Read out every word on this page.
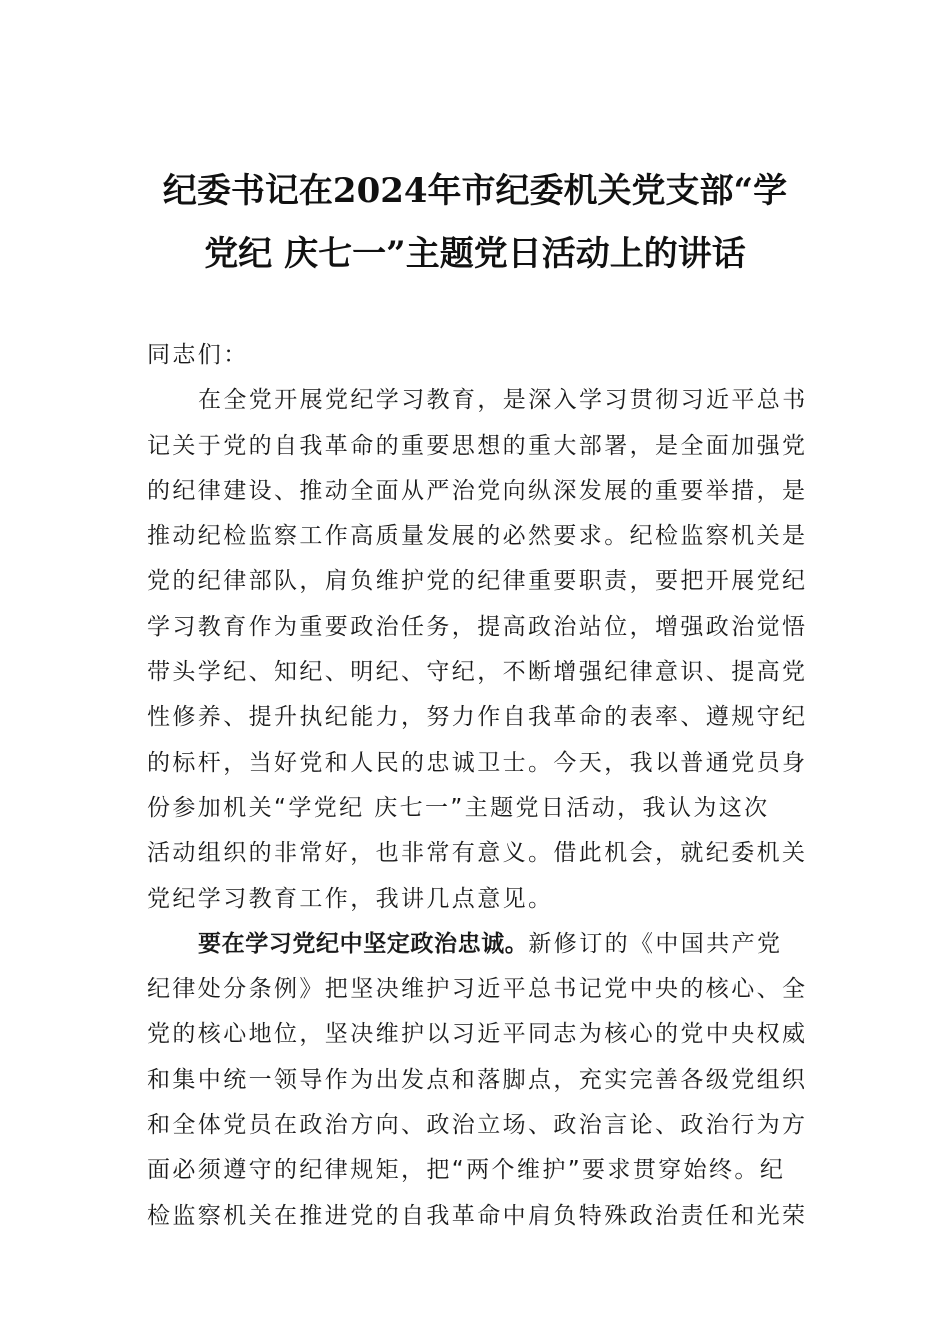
纪委书记在2024年市纪委机关党支部“学
党纪 庆七一”主题党日活动上的讲话

同志们：

在全党开展党纪学习教育，是深入学习贯彻习近平总书
记关于党的自我革命的重要思想的重大部署，是全面加强党
的纪律建设、推动全面从严治党向纵深发展的重要举措，是
推动纪检监察工作高质量发展的必然要求。纪检监察机关是
党的纪律部队，肩负维护党的纪律重要职责，要把开展党纪
学习教育作为重要政治任务，提高政治站位，增强政治觉悟
带头学纪、知纪、明纪、守纪，不断增强纪律意识、提高党
性修养、提升执纪能力，努力作自我革命的表率、遵规守纪
的标杆，当好党和人民的忠诚卫士。今天，我以普通党员身
份参加机关“学党纪 庆七一”主题党日活动，我认为这次
活动组织的非常好，也非常有意义。借此机会，就纪委机关
党纪学习教育工作，我讲几点意见。

要在学习党纪中坚定政治忠诚。新修订的《中国共产党
纪律处分条例》把坚决维护习近平总书记党中央的核心、全
党的核心地位，坚决维护以习近平同志为核心的党中央权威
和集中统一领导作为出发点和落脚点，充实完善各级党组织
和全体党员在政治方向、政治立场、政治言论、政治行为方
面必须遵守的纪律规矩，把“两个维护”要求贯穿始终。纪
检监察机关在推进党的自我革命中肩负特殊政治责任和光荣
